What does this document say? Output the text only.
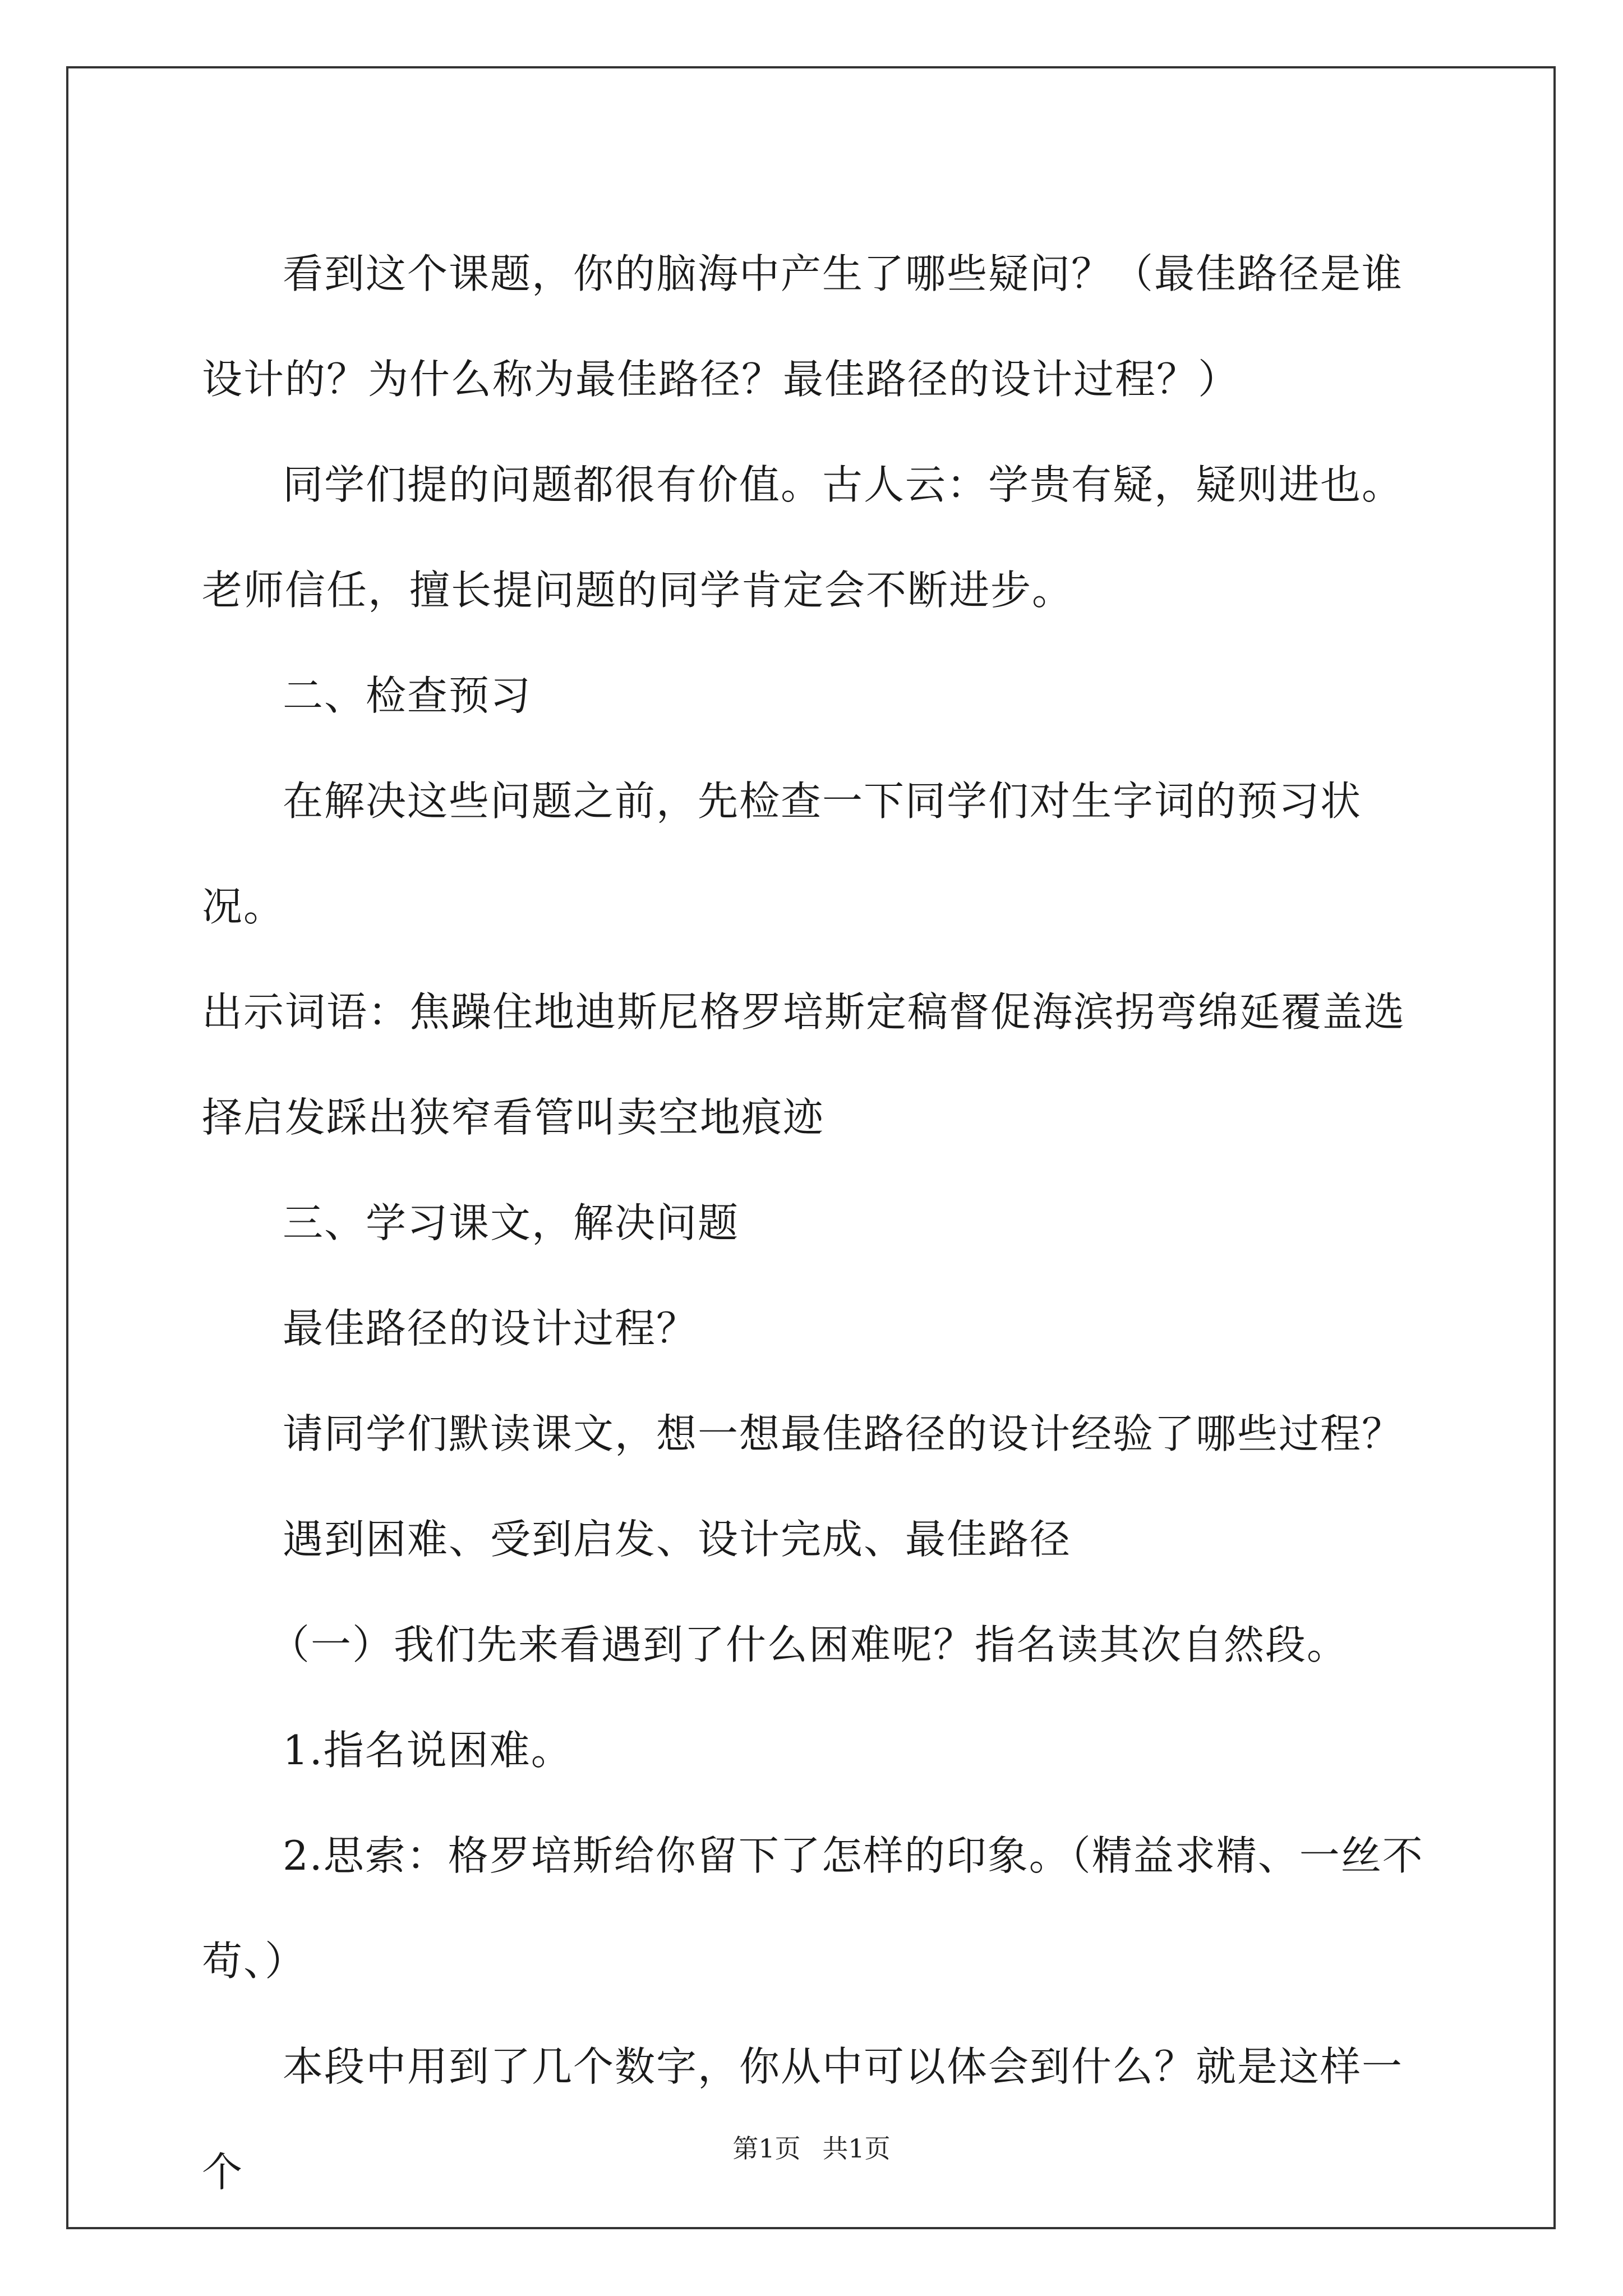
看到这个课题，你的脑海中产生了哪些疑问？（最佳路径是谁设计的？为什么称为最佳路径？最佳路径的设计过程？）

同学们提的问题都很有价值。古人云：学贵有疑，疑则进也。老师信任，擅长提问题的同学肯定会不断进步。

二、检查预习

在解决这些问题之前，先检查一下同学们对生字词的预习状况。

出示词语：焦躁住地迪斯尼格罗培斯定稿督促海滨拐弯绵延覆盖选择启发踩出狭窄看管叫卖空地痕迹

三、学习课文，解决问题

最佳路径的设计过程？

请同学们默读课文，想一想最佳路径的设计经验了哪些过程？

遇到困难、受到启发、设计完成、最佳路径

（一）我们先来看遇到了什么困难呢？指名读其次自然段。

1.指名说困难。

2.思索：格罗培斯给你留下了怎样的印象。（精益求精、一丝不苟、）

本段中用到了几个数字，你从中可以体会到什么？就是这样一个	第1页 共1页
